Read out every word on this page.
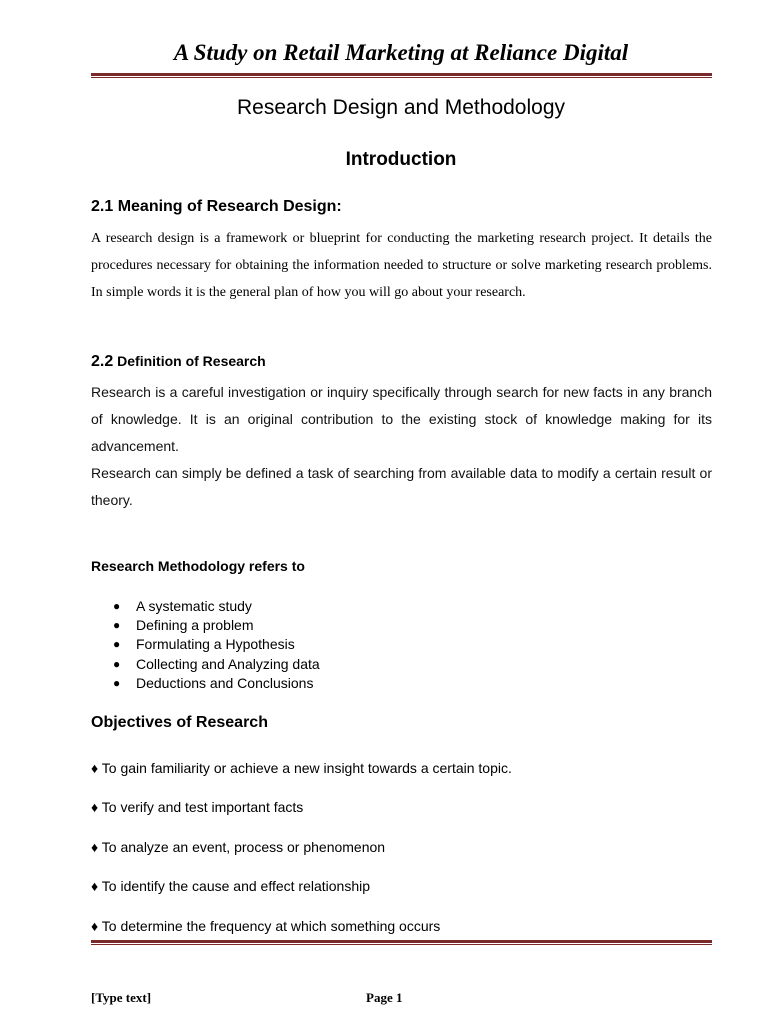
A Study on Retail Marketing at Reliance Digital
Research Design and Methodology
Introduction
2.1 Meaning of Research Design:
A research design is a framework or blueprint for conducting the marketing research project. It details the procedures necessary for obtaining the information needed to structure or solve marketing research problems. In simple words it is the general plan of how you will go about your research.
2.2 Definition of Research
Research is a careful investigation or inquiry specifically through search for new facts in any branch of knowledge. It is an original contribution to the existing stock of knowledge making for its advancement.
Research can simply be defined a task of searching from available data to modify a certain result or theory.
Research Methodology refers to
● A systematic study
● Defining a problem
● Formulating a Hypothesis
● Collecting and Analyzing data
● Deductions and Conclusions
Objectives of Research
♦ To gain familiarity or achieve a new insight towards a certain topic.
♦ To verify and test important facts
♦ To analyze an event, process or phenomenon
♦ To identify the cause and effect relationship
♦ To determine the frequency at which something occurs
[Type text]	Page 1
